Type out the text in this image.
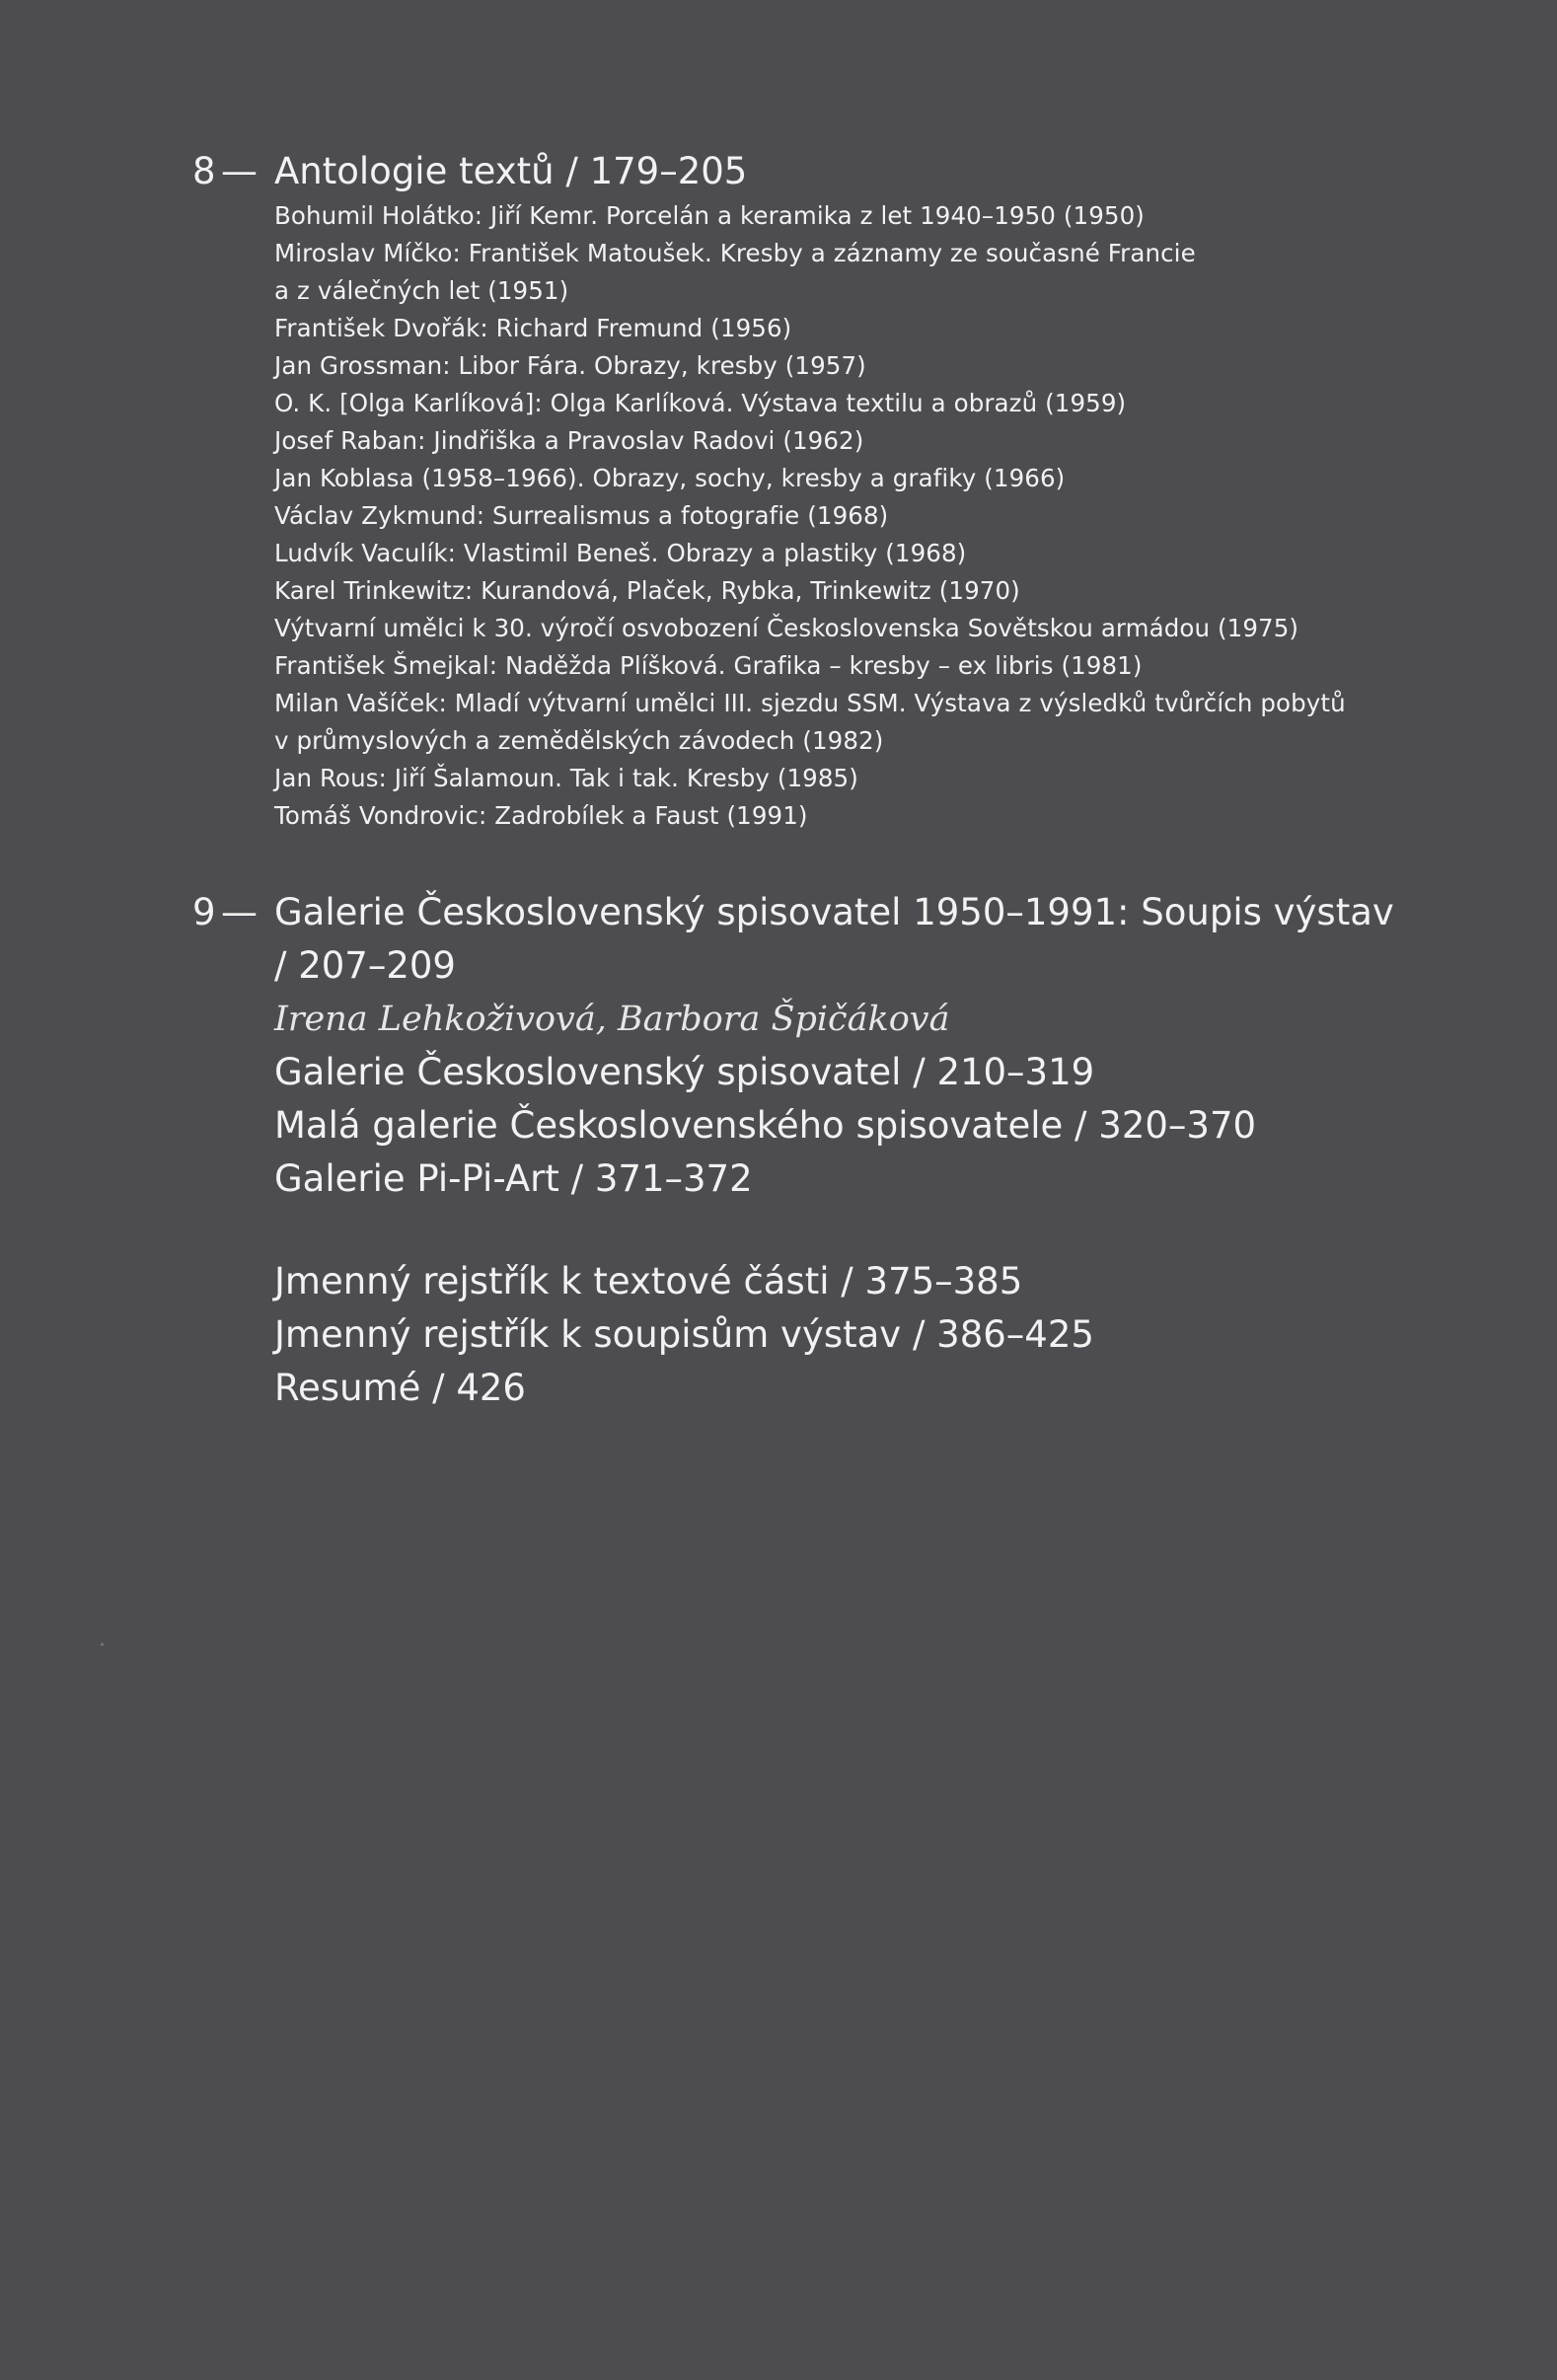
8 — Antologie textů / 179–205
Bohumil Holátko: Jiří Kemr. Porcelán a keramika z let 1940–1950 (1950)
Miroslav Míčko: František Matoušek. Kresby a záznamy ze současné Francie
a z válečných let (1951)
František Dvořák: Richard Fremund (1956)
Jan Grossman: Libor Fára. Obrazy, kresby (1957)
O. K. [Olga Karlíková]: Olga Karlíková. Výstava textilu a obrazů (1959)
Josef Raban: Jindřiška a Pravoslav Radovi (1962)
Jan Koblasa (1958–1966). Obrazy, sochy, kresby a grafiky (1966)
Václav Zykmund: Surrealismus a fotografie (1968)
Ludvík Vaculík: Vlastimil Beneš. Obrazy a plastiky (1968)
Karel Trinkewitz: Kurandová, Plaček, Rybka, Trinkewitz (1970)
Výtvarní umělci k 30. výročí osvobození Československa Sovětskou armádou (1975)
František Šmejkal: Naděžda Plíšková. Grafika – kresby – ex libris (1981)
Milan Vašíček: Mladí výtvarní umělci III. sjezdu SSM. Výstava z výsledků tvůrčích pobytů
v průmyslových a zemědělských závodech (1982)
Jan Rous: Jiří Šalamoun. Tak i tak. Kresby (1985)
Tomáš Vondrovic: Zadrobílek a Faust (1991)
9 — Galerie Československý spisovatel 1950–1991: Soupis výstav
/ 207–209
Irena Lehkoživová, Barbora Špičáková
Galerie Československý spisovatel / 210–319
Malá galerie Československého spisovatele / 320–370
Galerie Pi-Pi-Art / 371–372
Jmenný rejstřík k textové části / 375–385
Jmenný rejstřík k soupisům výstav / 386–425
Resumé / 426
